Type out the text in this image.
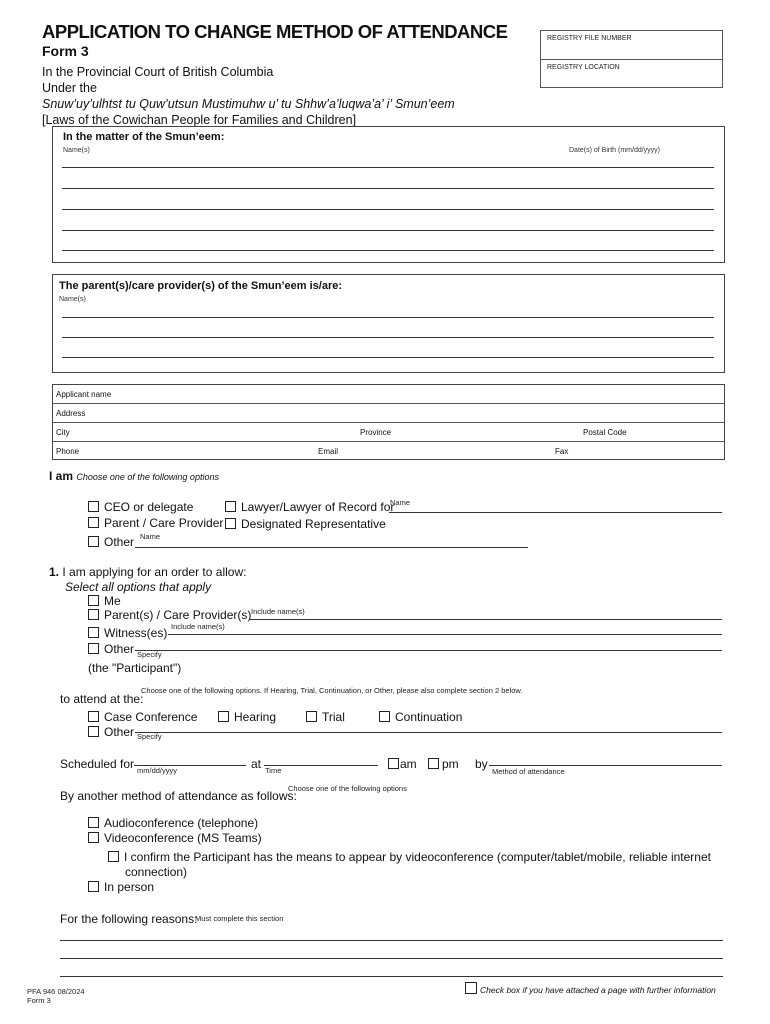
APPLICATION TO CHANGE METHOD OF ATTENDANCE
Form 3
In the Provincial Court of British Columbia
Under the
Snuw’uy’ulhtst tu Quw’utsun Mustimuhw u’ tu Shhw’a’luqwa’a’ i’ Smun’eem
[Laws of the Cowichan People for Families and Children]
REGISTRY FILE NUMBER
REGISTRY LOCATION
In the matter of the Smun’eem:
Name(s)	Date(s) of Birth (mm/dd/yyyy)
The parent(s)/care provider(s) of the Smun’eem is/are:
Name(s)
Applicant name
Address
City	Province	Postal Code
Phone	Email	Fax
I am Choose one of the following options
CEO or delegate	Lawyer/Lawyer of Record for
Name
Parent / Care Provider	Designated Representative
Other Name
1. I am applying for an order to allow:
Select all options that apply
Me
Parent(s) / Care Provider(s) Include name(s)
Witness(es) Include name(s)
Other Specify
(the "Participant")
Choose one of the following options. If Hearing, Trial, Continuation, or Other, please also complete section 2 below.
to attend at the:
Case Conference	Hearing	Trial	Continuation
Other Specify
Scheduled for mm/dd/yyyy	at Time	am	pm by
Method of attendance
By another method of attendance as follows:
Choose one of the following options
Audioconference (telephone)
Videoconference (MS Teams)
I confirm the Participant has the means to appear by videoconference (computer/tablet/mobile, reliable internet
connection)
In person
For the following reasons:
Must complete this section
PFA 946 08/2024
Form 3
Check box if you have attached a page with further information
